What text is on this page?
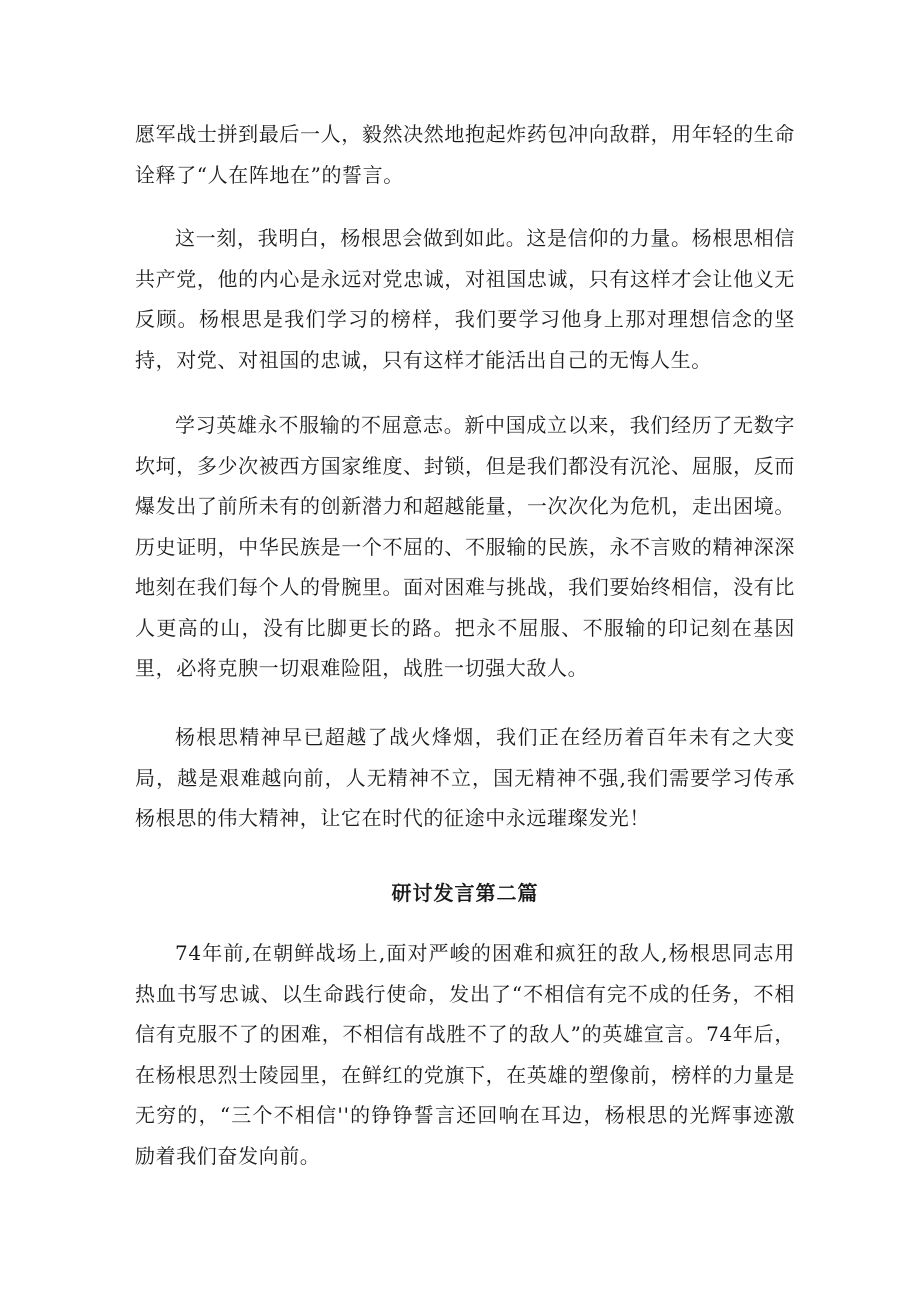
愿军战士拼到最后一人，毅然决然地抱起炸药包冲向敌群，用年轻的生命诠释了“人在阵地在”的誓言。

这一刻，我明白，杨根思会做到如此。这是信仰的力量。杨根思相信共产党，他的内心是永远对党忠诚，对祖国忠诚，只有这样才会让他义无反顾。杨根思是我们学习的榜样，我们要学习他身上那对理想信念的坚持，对党、对祖国的忠诚，只有这样才能活出自己的无悔人生。

学习英雄永不服输的不屈意志。新中国成立以来，我们经历了无数字坎坷，多少次被西方国家维度、封锁，但是我们都没有沉沦、屈服，反而爆发出了前所未有的创新潜力和超越能量，一次次化为危机，走出困境。历史证明，中华民族是一个不屈的、不服输的民族，永不言败的精神深深地刻在我们每个人的骨腕里。面对困难与挑战，我们要始终相信，没有比人更高的山，没有比脚更长的路。把永不屈服、不服输的印记刻在基因里，必将克腴一切艰难险阻，战胜一切强大敌人。

杨根思精神早已超越了战火烽烟，我们正在经历着百年未有之大变局，越是艰难越向前，人无精神不立，国无精神不强,我们需要学习传承杨根思的伟大精神，让它在时代的征途中永远璀璨发光！

研讨发言第二篇

74年前,在朝鲜战场上,面对严峻的困难和疯狂的敌人,杨根思同志用热血书写忠诚、以生命践行使命，发出了“不相信有完不成的任务，不相信有克服不了的困难，不相信有战胜不了的敌人”的英雄宣言。74年后，在杨根思烈士陵园里，在鲜红的党旗下，在英雄的塑像前，榜样的力量是无穷的，“三个不相信''的铮铮誓言还回响在耳边，杨根思的光辉事迹激励着我们奋发向前。
